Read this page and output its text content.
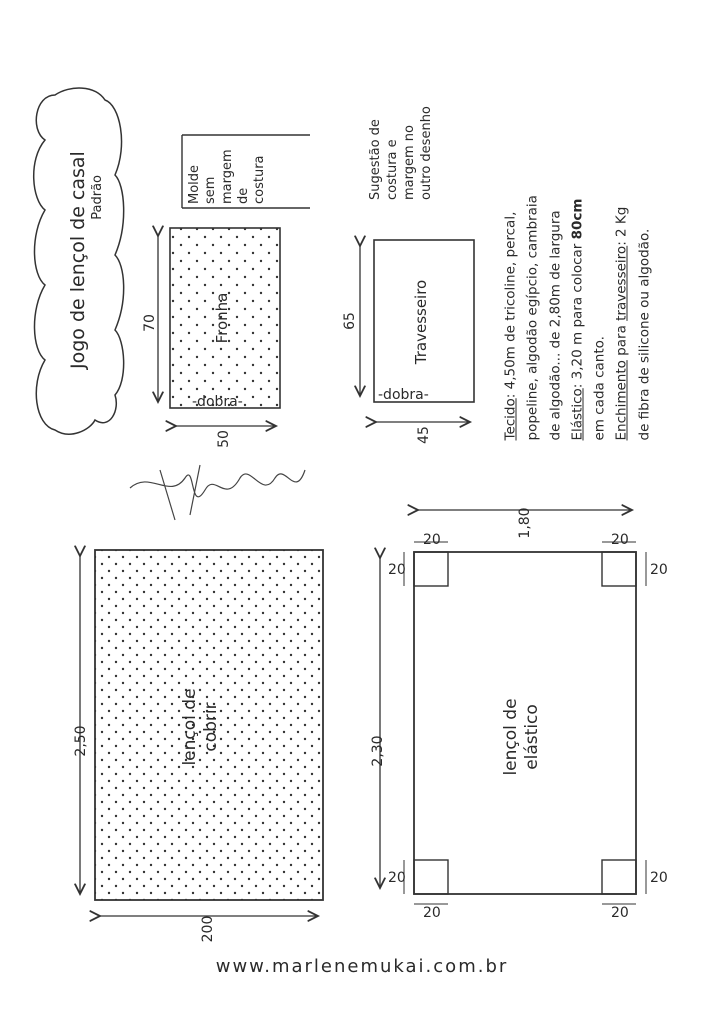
Jogo de lençol de casal Padrão	Molde sem margem de costura	Sugestão de costura e margem no outro desenho
Fronha
-dobra-
70
50
Travesseiro
-dobra-
65
45	Tecido: 4,50m de tricoline, percal, popeline, algodão egípcio, cambraia de algodão... de 2,80m de largura
Elástico: 3,20 m para colocar 80cm
em cada canto. Enchimento para travesseiro: 2 Kg
de fibra de silicone ou algodão.
lençol de cobrir
2,50
200
lençol de elástico
2,30
1,80
20	20
20	20
20	20
20	20
www.marlenemukai.com.br
